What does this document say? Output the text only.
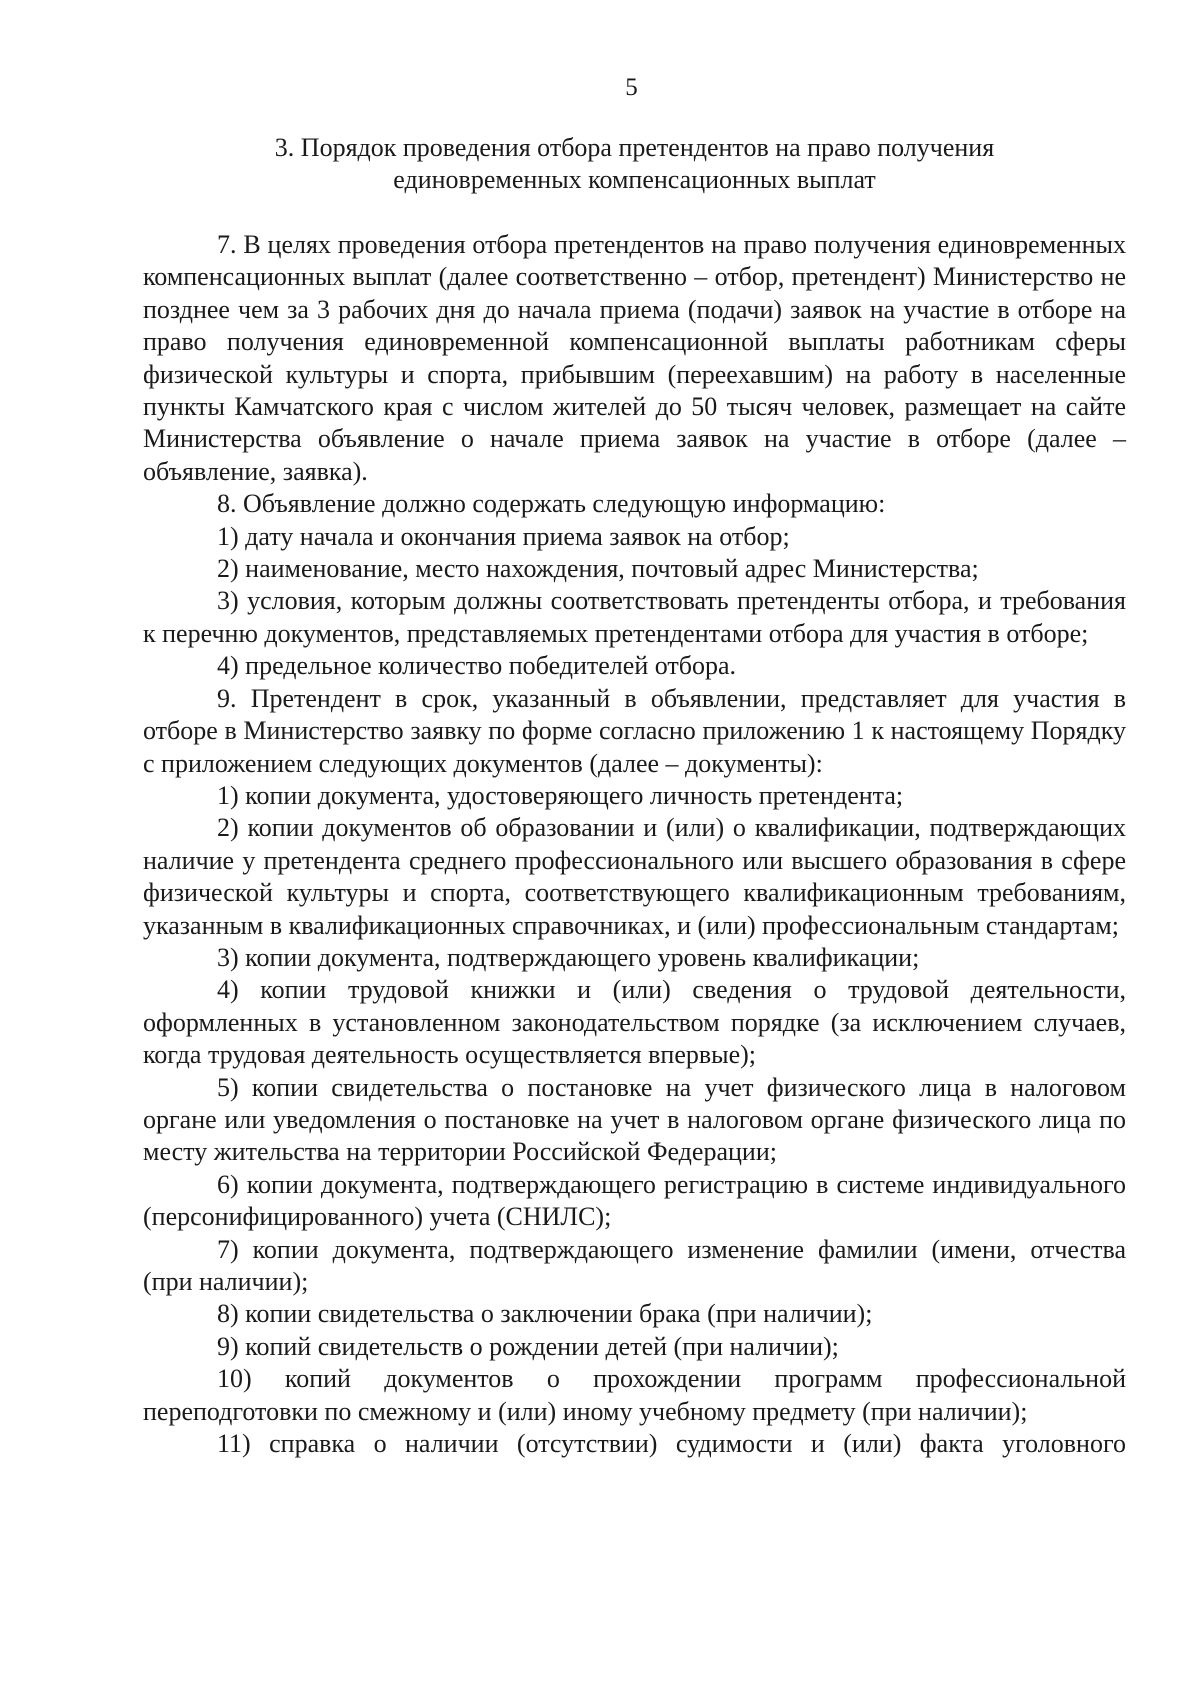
5
3. Порядок проведения отбора претендентов на право получения
единовременных компенсационных выплат

7. В целях проведения отбора претендентов на право получения единовременных компенсационных выплат (далее соответственно – отбор, претендент) Министерство не позднее чем за 3 рабочих дня до начала приема (подачи) заявок на участие в отборе на право получения единовременной компенсационной выплаты работникам сферы физической культуры и спорта, прибывшим (переехавшим) на работу в населенные пункты Камчатского края с числом жителей до 50 тысяч человек, размещает на сайте Министерства объявление о начале приема заявок на участие в отборе (далее – объявление, заявка).

8. Объявление должно содержать следующую информацию:

1) дату начала и окончания приема заявок на отбор;

2) наименование, место нахождения, почтовый адрес Министерства;

3) условия, которым должны соответствовать претенденты отбора, и требования к перечню документов, представляемых претендентами отбора для участия в отборе;

4) предельное количество победителей отбора.

9. Претендент в срок, указанный в объявлении, представляет для участия в отборе в Министерство заявку по форме согласно приложению 1 к настоящему Порядку с приложением следующих документов (далее – документы):

1) копии документа, удостоверяющего личность претендента;

2) копии документов об образовании и (или) о квалификации, подтверждающих наличие у претендента среднего профессионального или высшего образования в сфере физической культуры и спорта, соответствующего квалификационным требованиям, указанным в квалификационных справочниках, и (или) профессиональным стандартам;

3) копии документа, подтверждающего уровень квалификации;

4) копии трудовой книжки и (или) сведения о трудовой деятельности, оформленных в установленном законодательством порядке (за исключением случаев, когда трудовая деятельность осуществляется впервые);

5) копии свидетельства о постановке на учет физического лица в налоговом органе или уведомления о постановке на учет в налоговом органе физического лица по месту жительства на территории Российской Федерации;

6) копии документа, подтверждающего регистрацию в системе индивидуального (персонифицированного) учета (СНИЛС);

7) копии документа, подтверждающего изменение фамилии (имени, отчества (при наличии);

8) копии свидетельства о заключении брака (при наличии);

9) копий свидетельств о рождении детей (при наличии);

10) копий документов о прохождении программ профессиональной переподготовки по смежному и (или) иному учебному предмету (при наличии);

11) справка о наличии (отсутствии) судимости и (или) факта уголовного
